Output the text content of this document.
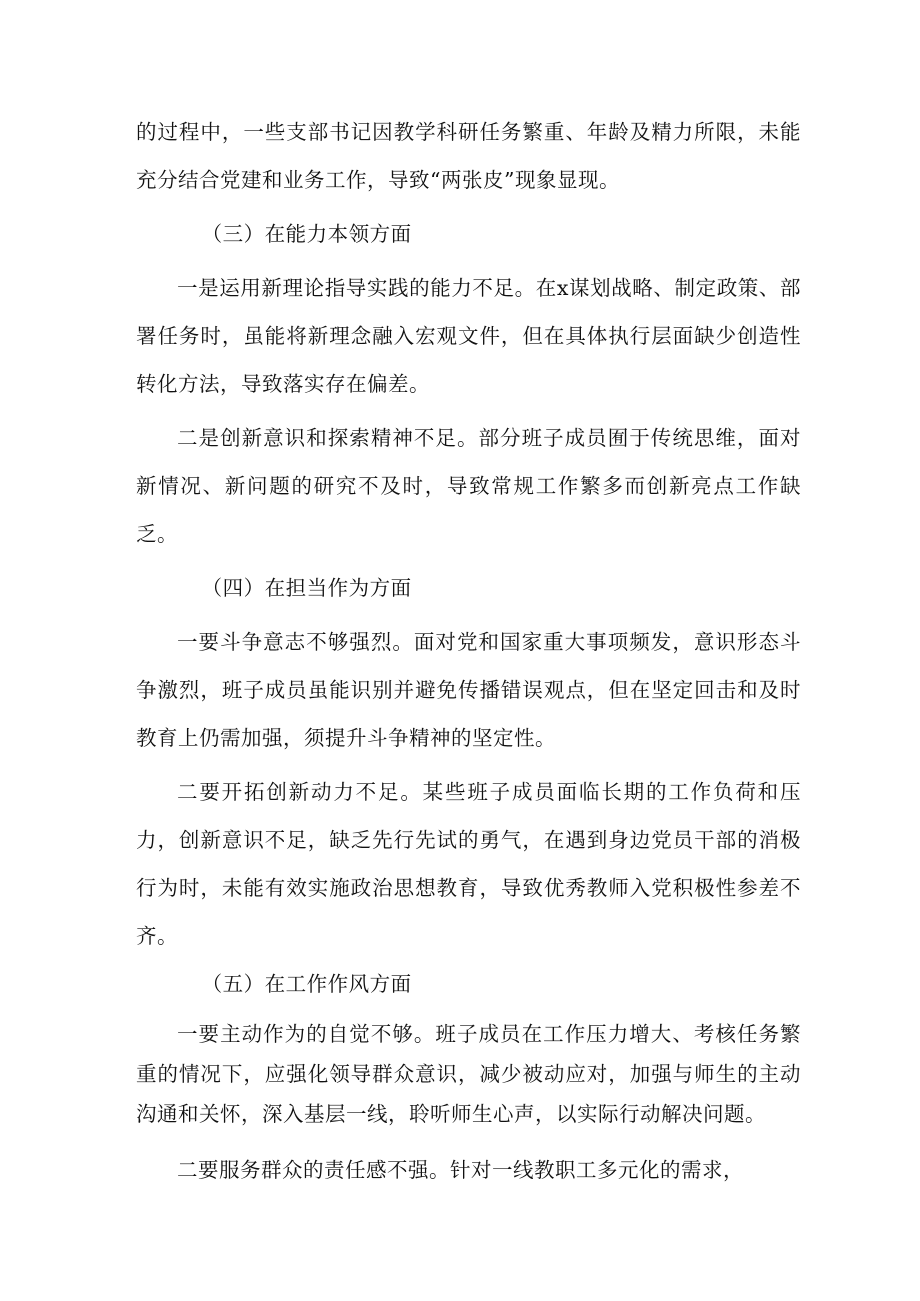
的过程中，一些支部书记因教学科研任务繁重、年龄及精力所限，未能充分结合党建和业务工作，导致“两张皮”现象显现。

（三）在能力本领方面

一是运用新理论指导实践的能力不足。在x谋划战略、制定政策、部署任务时，虽能将新理念融入宏观文件，但在具体执行层面缺少创造性转化方法，导致落实存在偏差。

二是创新意识和探索精神不足。部分班子成员囿于传统思维，面对新情况、新问题的研究不及时，导致常规工作繁多而创新亮点工作缺乏。

（四）在担当作为方面

一要斗争意志不够强烈。面对党和国家重大事项频发，意识形态斗争激烈，班子成员虽能识别并避免传播错误观点，但在坚定回击和及时教育上仍需加强，须提升斗争精神的坚定性。

二要开拓创新动力不足。某些班子成员面临长期的工作负荷和压力，创新意识不足，缺乏先行先试的勇气，在遇到身边党员干部的消极行为时，未能有效实施政治思想教育，导致优秀教师入党积极性参差不齐。

（五）在工作作风方面

一要主动作为的自觉不够。班子成员在工作压力增大、考核任务繁重的情况下，应强化领导群众意识，减少被动应对，加强与师生的主动沟通和关怀，深入基层一线，聆听师生心声，以实际行动解决问题。

二要服务群众的责任感不强。针对一线教职工多元化的需求，
